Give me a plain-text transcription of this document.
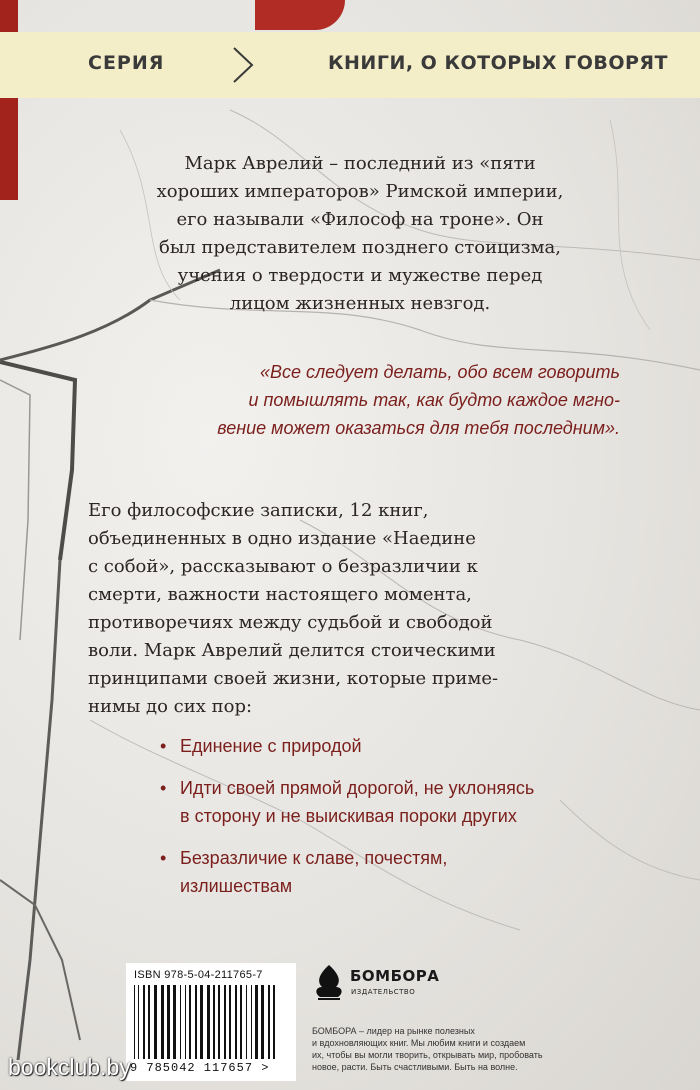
СЕРИЯ	КНИГИ, О КОТОРЫХ ГОВОРЯТ
Марк Аврелий – последний из «пяти
хороших императоров» Римской империи,
его называли «Философ на троне». Он
был представителем позднего стоицизма,
учения о твердости и мужестве перед
лицом жизненных невзгод.
«Все следует делать, обо всем говорить
и помышлять так, как будто каждое мгно-
вение может оказаться для тебя последним».
Его философские записки, 12 книг,
объединенных в одно издание «Наедине
с собой», рассказывают о безразличии к
смерти, важности настоящего момента,
противоречиях между судьбой и свободой
воли. Марк Аврелий делится стоическими
принципами своей жизни, которые приме-
нимы до сих пор:
• Единение с природой
• Идти своей прямой дорогой, не уклоняясь
в сторону и не выискивая пороки других
• Безразличие к славе, почестям,
излишествам
ISBN 978-5-04-211765-7
9 785042 117657 >
БОМБОРА
ИЗДАТЕЛЬСТВО
БОМБОРА – лидер на рынке полезных
и вдохновляющих книг. Мы любим книги и создаем
их, чтобы вы могли творить, открывать мир, пробовать
новое, расти. Быть счастливыми. Быть на волне.
bookclub.by
